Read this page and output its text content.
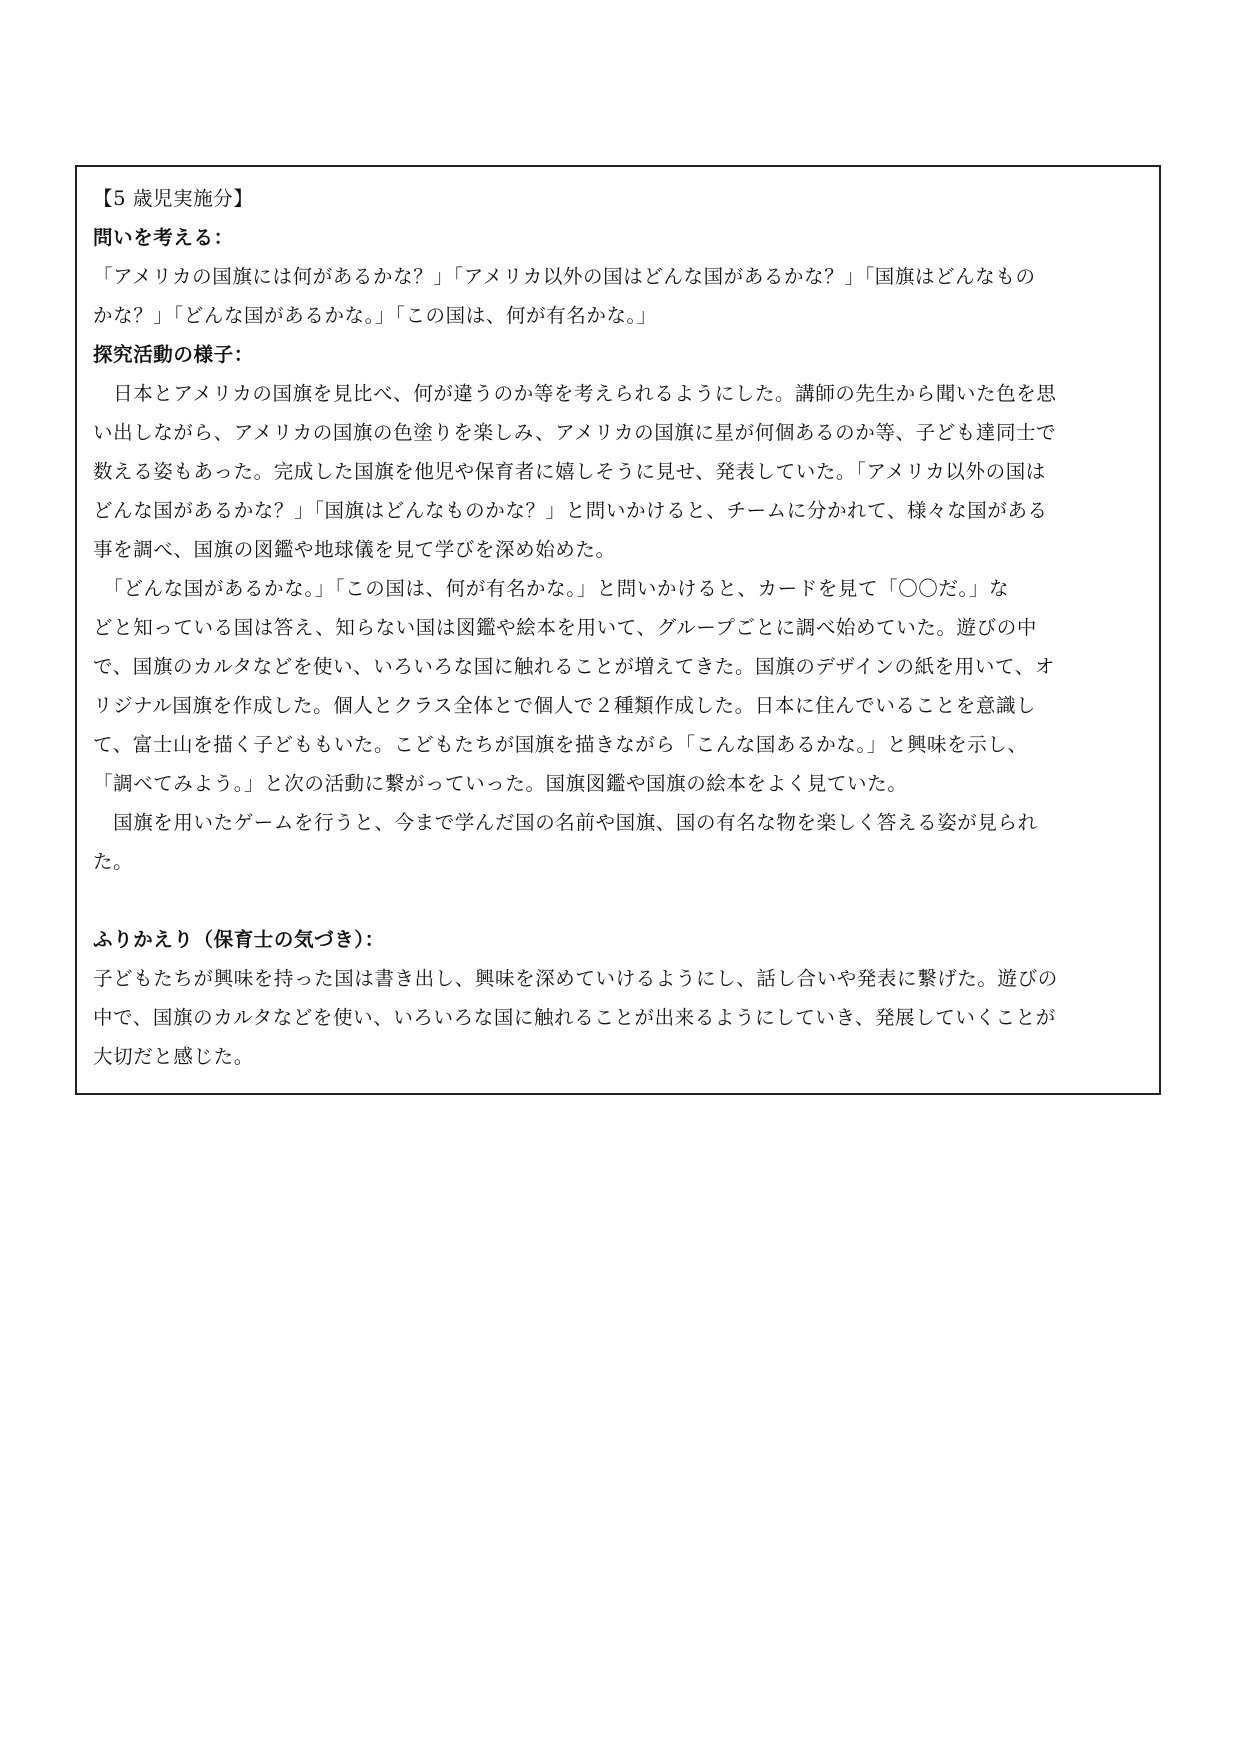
【5 歳児実施分】

問いを考える：

「アメリカの国旗には何があるかな？」「アメリカ以外の国はどんな国があるかな？」「国旗はどんなもの

かな？」「どんな国があるかな。」「この国は、何が有名かな。」

探究活動の様子：

　日本とアメリカの国旗を見比べ、何が違うのか等を考えられるようにした。講師の先生から聞いた色を思

い出しながら、アメリカの国旗の色塗りを楽しみ、アメリカの国旗に星が何個あるのか等、子ども達同士で

数える姿もあった。完成した国旗を他児や保育者に嬉しそうに見せ、発表していた。「アメリカ以外の国は

どんな国があるかな？」「国旗はどんなものかな？」と問いかけると、チームに分かれて、様々な国がある

事を調べ、国旗の図鑑や地球儀を見て学びを深め始めた。

　「どんな国があるかな。」「この国は、何が有名かな。」と問いかけると、カードを見て「〇〇だ。」な

どと知っている国は答え、知らない国は図鑑や絵本を用いて、グループごとに調べ始めていた。遊びの中

で、国旗のカルタなどを使い、いろいろな国に触れることが増えてきた。国旗のデザインの紙を用いて、オ

リジナル国旗を作成した。個人とクラス全体とで個人で２種類作成した。日本に住んでいることを意識し

て、富士山を描く子どももいた。こどもたちが国旗を描きながら「こんな国あるかな。」と興味を示し、

「調べてみよう。」と次の活動に繋がっていった。国旗図鑑や国旗の絵本をよく見ていた。

　国旗を用いたゲームを行うと、今まで学んだ国の名前や国旗、国の有名な物を楽しく答える姿が見られ

た。

ふりかえり（保育士の気づき）：

子どもたちが興味を持った国は書き出し、興味を深めていけるようにし、話し合いや発表に繋げた。遊びの

中で、国旗のカルタなどを使い、いろいろな国に触れることが出来るようにしていき、発展していくことが

大切だと感じた。
